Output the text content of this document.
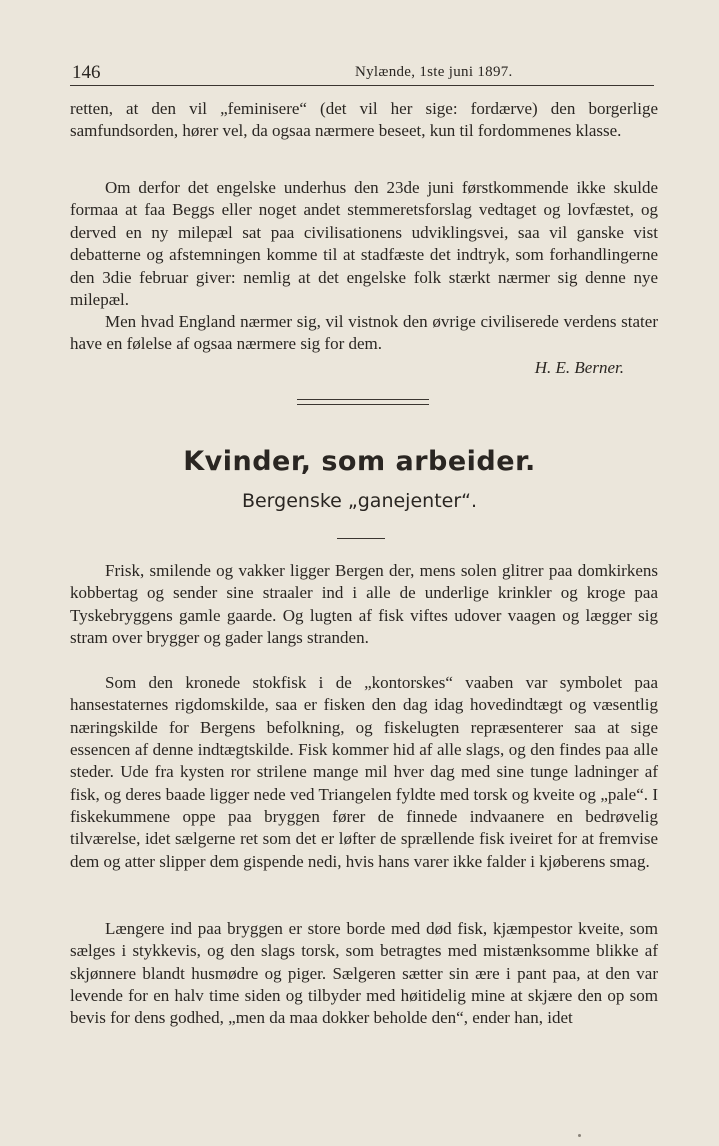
146	Nylænde, 1ste juni 1897.

retten, at den vil „feminisere“ (det vil her sige: fordærve) den borgerlige samfundsorden, hører vel, da ogsaa nærmere beseet, kun til fordommenes klasse.

Om derfor det engelske underhus den 23de juni førstkommende ikke skulde formaa at faa Beggs eller noget andet stemmeretsforslag vedtaget og lovfæstet, og derved en ny milepæl sat paa civilisationens udviklingsvei, saa vil ganske vist debatterne og afstemningen komme til at stadfæste det indtryk, som forhandlingerne den 3die februar giver: nemlig at det engelske folk stærkt nærmer sig denne nye milepæl.

Men hvad England nærmer sig, vil vistnok den øvrige civiliserede verdens stater have en følelse af ogsaa nærmere sig for dem.

H. E. Berner.
Kvinder, som arbeider.
Bergenske „ganejenter“.

Frisk, smilende og vakker ligger Bergen der, mens solen glitrer paa domkirkens kobbertag og sender sine straaler ind i alle de underlige krinkler og kroge paa Tyskebryggens gamle gaarde. Og lugten af fisk viftes udover vaagen og lægger sig stram over brygger og gader langs stranden.

Som den kronede stokfisk i de „kontorskes“ vaaben var symbolet paa hansestaternes rigdomskilde, saa er fisken den dag idag hovedindtægt og væsentlig næringskilde for Bergens befolkning, og fiskelugten repræsenterer saa at sige essencen af denne indtægtskilde. Fisk kommer hid af alle slags, og den findes paa alle steder. Ude fra kysten ror strilene mange mil hver dag med sine tunge ladninger af fisk, og deres baade ligger nede ved Triangelen fyldte med torsk og kveite og „pale“. I fiskekummene oppe paa bryggen fører de finnede indvaanere en bedrøvelig tilværelse, idet sælgerne ret som det er løfter de sprællende fisk iveiret for at fremvise dem og atter slipper dem gispende nedi, hvis hans varer ikke falder i kjøberens smag.

Længere ind paa bryggen er store borde med død fisk, kjæmpestor kveite, som sælges i stykkevis, og den slags torsk, som betragtes med mistænksomme blikke af skjønnere blandt husmødre og piger. Sælgeren sætter sin ære i pant paa, at den var levende for en halv time siden og tilbyder med høitidelig mine at skjære den op som bevis for dens godhed, „men da maa dokker beholde den“, ender han, idet
